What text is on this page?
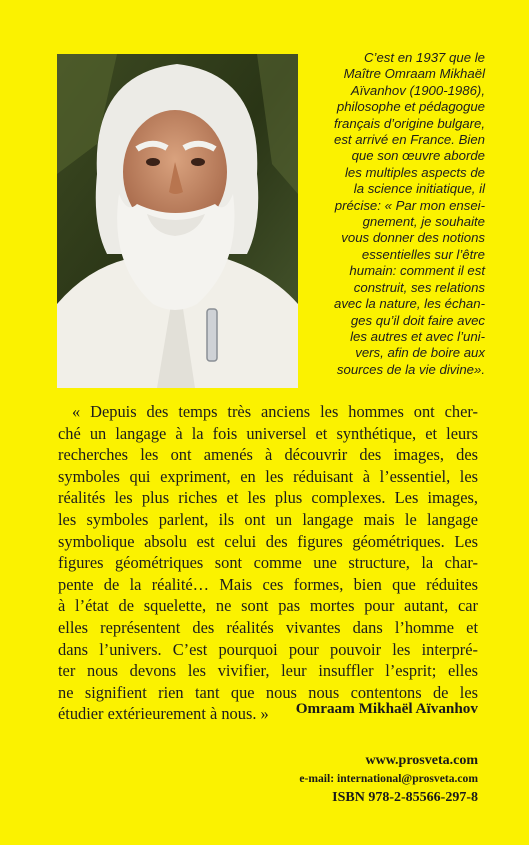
C’est en 1937 que le
Maître Omraam Mikhaël
Aïvanhov (1900-1986),
philosophe et pédagogue
français d’origine bulgare,
est arrivé en France. Bien
que son œuvre aborde
les multiples aspects de
la science initiatique, il
précise: « Par mon ensei-
gnement, je souhaite
vous donner des notions
essentielles sur l’être
humain: comment il est
construit, ses relations
avec la nature, les échan-
ges qu’il doit faire avec
les autres et avec l’uni-
vers, afin de boire aux
sources de la vie divine».
« Depuis des temps très anciens les hommes ont cher-
ché un langage à la fois universel et synthétique, et leurs
recherches les ont amenés à découvrir des images, des
symboles qui expriment, en les réduisant à l’essentiel, les
réalités les plus riches et les plus complexes. Les images,
les symboles parlent, ils ont un langage mais le langage
symbolique absolu est celui des figures géométriques. Les
figures géométriques sont comme une structure, la char-
pente de la réalité… Mais ces formes, bien que réduites
à l’état de squelette, ne sont pas mortes pour autant, car
elles représentent des réalités vivantes dans l’homme et
dans l’univers. C’est pourquoi pour pouvoir les interpré-
ter nous devons les vivifier, leur insuffler l’esprit; elles
ne signifient rien tant que nous nous contentons de les
étudier extérieurement à nous. »	Omraam Mikhaël Aïvanhov
www.prosveta.com
e-mail: international@prosveta.com
ISBN 978-2-85566-297-8
